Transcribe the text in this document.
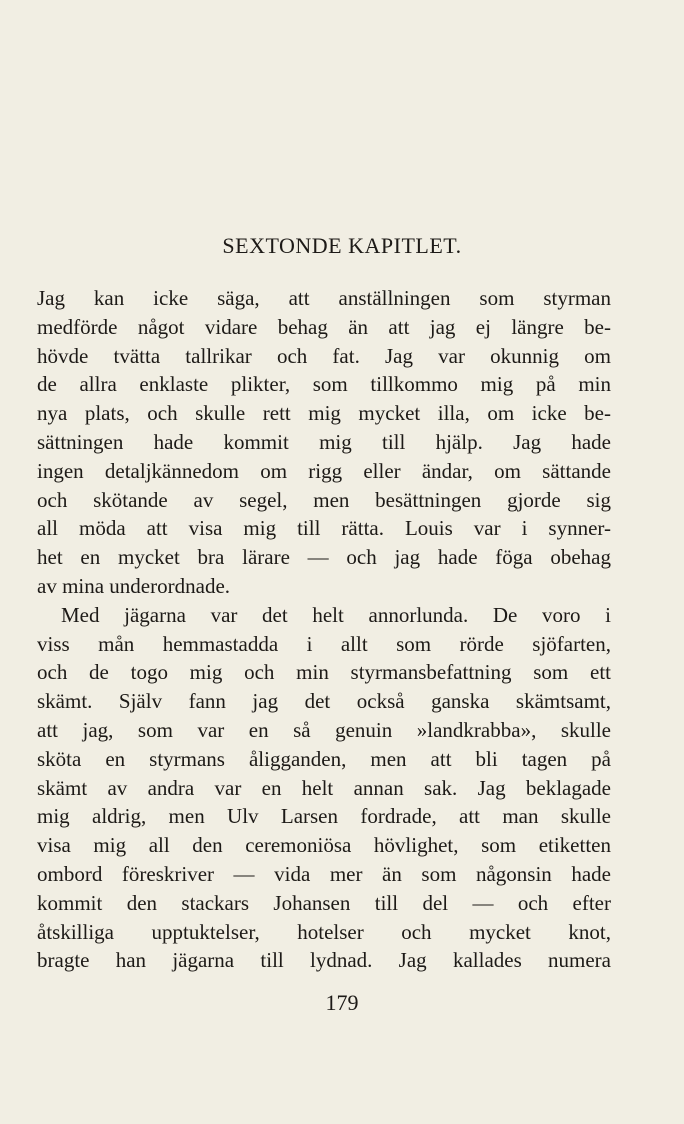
SEXTONDE KAPITLET.
Jag kan icke säga, att anställningen som styrman
medförde något vidare behag än att jag ej längre be-
hövde tvätta tallrikar och fat. Jag var okunnig om
de allra enklaste plikter, som tillkommo mig på min
nya plats, och skulle rett mig mycket illa, om icke be-
sättningen hade kommit mig till hjälp. Jag hade
ingen detaljkännedom om rigg eller ändar, om sättande
och skötande av segel, men besättningen gjorde sig
all möda att visa mig till rätta. Louis var i synner-
het en mycket bra lärare — och jag hade föga obehag
av mina underordnade.
Med jägarna var det helt annorlunda. De voro i
viss mån hemmastadda i allt som rörde sjöfarten,
och de togo mig och min styrmansbefattning som ett
skämt. Själv fann jag det också ganska skämtsamt,
att jag, som var en så genuin »landkrabba», skulle
sköta en styrmans åligganden, men att bli tagen på
skämt av andra var en helt annan sak. Jag beklagade
mig aldrig, men Ulv Larsen fordrade, att man skulle
visa mig all den ceremoniösa hövlighet, som etiketten
ombord föreskriver — vida mer än som någonsin hade
kommit den stackars Johansen till del — och efter
åtskilliga upptuktelser, hotelser och mycket knot,
bragte han jägarna till lydnad. Jag kallades numera
179
